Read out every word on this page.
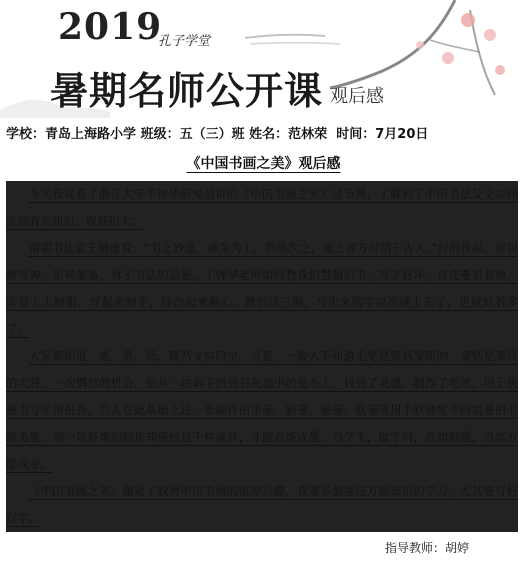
2019
孔子学堂
暑期名师公开课 观后感
学校：青岛上海路小学 班级：五（三）班 姓名：范林荣 时间：7月20日
《中国书画之美》观后感

今天我观看了浙江大学干钟华研究员讲的《中国书画之美》这节课，了解到了中国书法及文房四宝的有关知识，收获很大。

南朝书法家王僧虔说：“书之妙道，神采为上，形质次之，兼之者方可绍于古人。”好的作品，应以形写神，形神兼备。对于书法的品鉴，干钟华老师如何教我们慧眼识书。写字好坏，首先要看着顺，即看上去顺眼，写起来顺手，综合起来顺心。做到这三顺，写出来的字层次就上去了，也就好看多了。

大家都知道，笔、墨、纸、砚乃文房四宝。可是，一般人不知道毛笔是蒙恬发明的，蒙恬是秦代的大将，一次偶然的机会，他从一块剥下扔到石灰池中的兔毛上，找到了灵感，制作了毛笔，用于快速书写军情报告。后人在此基础上进一步制作出羊毫、狼毫，硬毫、软毫等用于软硬度不同需要的书画毛笔。而一块好墨的制作却要经过千杵成祥，才能百炼成墨。当学生，做学问，亦如制墨，百炼方能成金。

《中国书画之美》激发了我对中国书画的浓厚兴趣，我要多加强这方面知识的学习，尤其要写好汉字。

指导教师：胡婷
